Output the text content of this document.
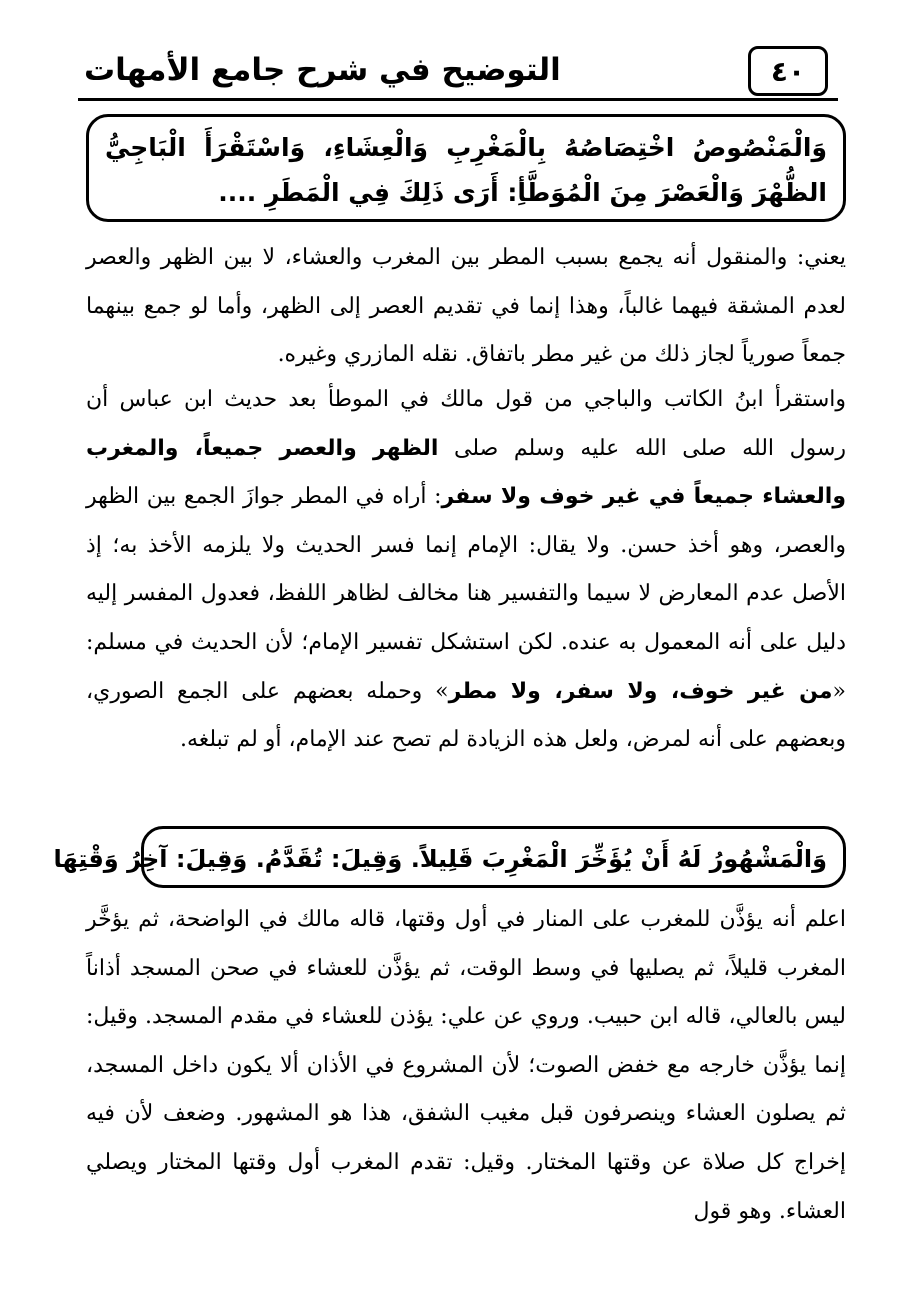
التوضيح في شرح جامع الأمهات	٤٠
وَالْمَنْصُوصُ اخْتِصَاصُهُ بِالْمَغْرِبِ وَالْعِشَاءِ، وَاسْتَقْرَأَ الْبَاجِيُّ الظُّهْرَ وَالْعَصْرَ مِنَ الْمُوَطَّأِ: أَرَى ذَلِكَ فِي الْمَطَرِ ....
يعني: والمنقول أنه يجمع بسبب المطر بين المغرب والعشاء، لا بين الظهر والعصر لعدم المشقة فيهما غالباً، وهذا إنما في تقديم العصر إلى الظهر، وأما لو جمع بينهما جمعاً صورياً لجاز ذلك من غير مطر باتفاق. نقله المازري وغيره.
واستقرأ ابنُ الكاتب والباجي من قول مالك في الموطأ بعد حديث ابن عباس أن رسول الله صلى الله عليه وسلم صلى الظهر والعصر جميعاً، والمغرب والعشاء جميعاً في غير خوف ولا سفر: أراه في المطر جوازَ الجمع بين الظهر والعصر، وهو أخذ حسن. ولا يقال: الإمام إنما فسر الحديث ولا يلزمه الأخذ به؛ إذ الأصل عدم المعارض لا سيما والتفسير هنا مخالف لظاهر اللفظ، فعدول المفسر إليه دليل على أنه المعمول به عنده. لكن استشكل تفسير الإمام؛ لأن الحديث في مسلم: «من غير خوف، ولا سفر، ولا مطر» وحمله بعضهم على الجمع الصوري، وبعضهم على أنه لمرض، ولعل هذه الزيادة لم تصح عند الإمام، أو لم تبلغه.
وَالْمَشْهُورُ لَهُ أَنْ يُؤَخِّرَ الْمَغْرِبَ قَلِيلاً. وَقِيلَ: تُقَدَّمُ. وَقِيلَ: آخِرُ وَقْتِهَا
اعلم أنه يؤذَّن للمغرب على المنار في أول وقتها، قاله مالك في الواضحة، ثم يؤخَّر المغرب قليلاً، ثم يصليها في وسط الوقت، ثم يؤذَّن للعشاء في صحن المسجد أذاناً ليس بالعالي، قاله ابن حبيب. وروي عن علي: يؤذن للعشاء في مقدم المسجد. وقيل: إنما يؤذَّن خارجه مع خفض الصوت؛ لأن المشروع في الأذان ألا يكون داخل المسجد، ثم يصلون العشاء وينصرفون قبل مغيب الشفق، هذا هو المشهور. وضعف لأن فيه إخراج كل صلاة عن وقتها المختار. وقيل: تقدم المغرب أول وقتها المختار ويصلي العشاء. وهو قول
